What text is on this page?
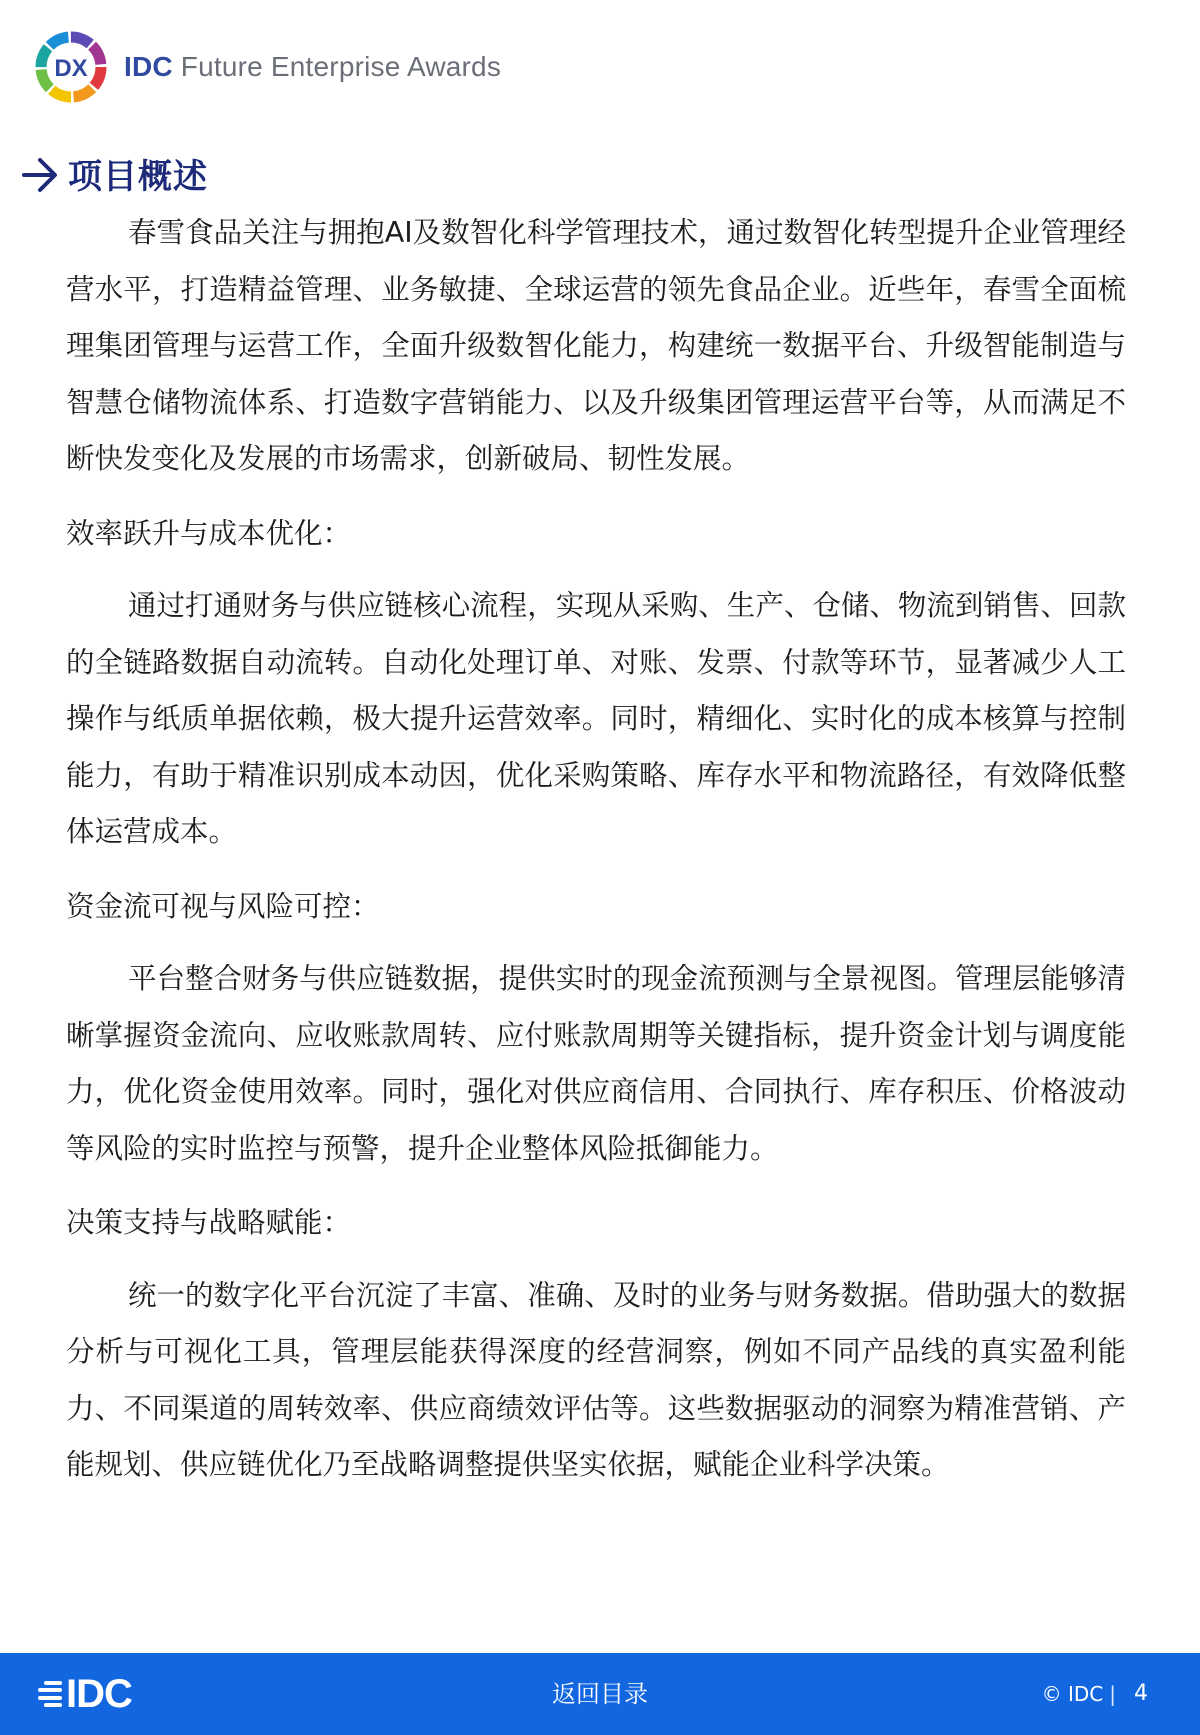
DX IDC Future Enterprise Awards
项目概述

春雪食品关注与拥抱AI及数智化科学管理技术，通过数智化转型提升企业管理经营水平，打造精益管理、业务敏捷、全球运营的领先食品企业。近些年，春雪全面梳理集团管理与运营工作，全面升级数智化能力，构建统一数据平台、升级智能制造与智慧仓储物流体系、打造数字营销能力、以及升级集团管理运营平台等，从而满足不断快发变化及发展的市场需求，创新破局、韧性发展。

效率跃升与成本优化：

通过打通财务与供应链核心流程，实现从采购、生产、仓储、物流到销售、回款的全链路数据自动流转。自动化处理订单、对账、发票、付款等环节，显著减少人工操作与纸质单据依赖，极大提升运营效率。同时，精细化、实时化的成本核算与控制能力，有助于精准识别成本动因，优化采购策略、库存水平和物流路径，有效降低整体运营成本。

资金流可视与风险可控：

平台整合财务与供应链数据，提供实时的现金流预测与全景视图。管理层能够清晰掌握资金流向、应收账款周转、应付账款周期等关键指标，提升资金计划与调度能力，优化资金使用效率。同时，强化对供应商信用、合同执行、库存积压、价格波动等风险的实时监控与预警，提升企业整体风险抵御能力。

决策支持与战略赋能：

统一的数字化平台沉淀了丰富、准确、及时的业务与财务数据。借助强大的数据分析与可视化工具，管理层能获得深度的经营洞察，例如不同产品线的真实盈利能力、不同渠道的周转效率、供应商绩效评估等。这些数据驱动的洞察为精准营销、产能规划、供应链优化乃至战略调整提供坚实依据，赋能企业科学决策。

IDC	返回目录	© IDC | 4
